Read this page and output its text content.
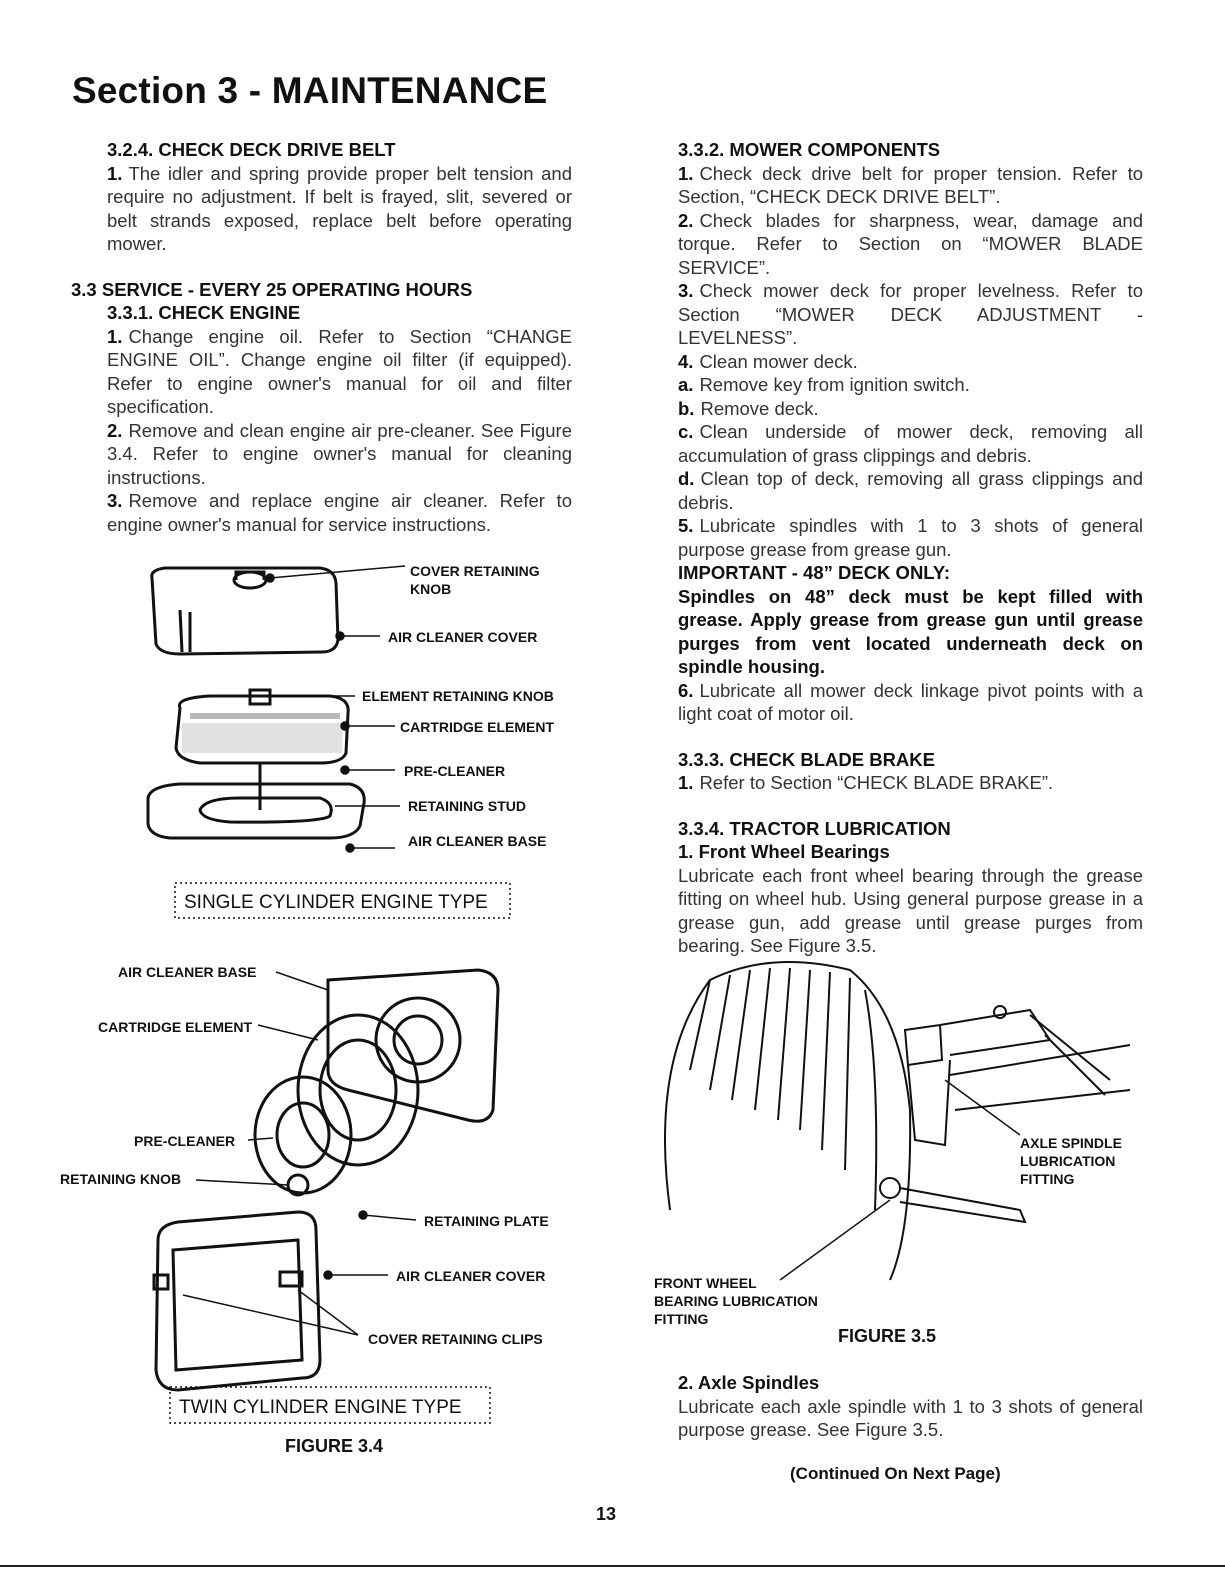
Section 3 - MAINTENANCE
3.2.4. CHECK DECK DRIVE BELT
1. The idler and spring provide proper belt tension and require no adjustment. If belt is frayed, slit, severed or belt strands exposed, replace belt before operating mower.
3.3 SERVICE - EVERY 25 OPERATING HOURS
3.3.1. CHECK ENGINE
1. Change engine oil. Refer to Section “CHANGE ENGINE OIL”. Change engine oil filter (if equipped). Refer to engine owner's manual for oil and filter specification.
2. Remove and clean engine air pre-cleaner. See Figure 3.4. Refer to engine owner's manual for cleaning instructions.
3. Remove and replace engine air cleaner. Refer to engine owner's manual for service instructions.
COVER RETAINING
KNOB
AIR CLEANER COVER
ELEMENT RETAINING KNOB
CARTRIDGE ELEMENT
PRE-CLEANER
RETAINING STUD
AIR CLEANER BASE
SINGLE CYLINDER ENGINE TYPE
AIR CLEANER BASE
CARTRIDGE ELEMENT
PRE-CLEANER
RETAINING KNOB
RETAINING PLATE
AIR CLEANER COVER
COVER RETAINING CLIPS
TWIN CYLINDER ENGINE TYPE
FIGURE 3.4
3.3.2. MOWER COMPONENTS
1. Check deck drive belt for proper tension. Refer to Section, “CHECK DECK DRIVE BELT”.
2. Check blades for sharpness, wear, damage and torque. Refer to Section on “MOWER BLADE SERVICE”.
3. Check mower deck for proper levelness. Refer to Section “MOWER DECK ADJUSTMENT - LEVELNESS”.
4. Clean mower deck.
a. Remove key from ignition switch.
b. Remove deck.
c. Clean underside of mower deck, removing all accumulation of grass clippings and debris.
d. Clean top of deck, removing all grass clippings and debris.
5. Lubricate spindles with 1 to 3 shots of general purpose grease from grease gun.
IMPORTANT - 48” DECK ONLY:
Spindles on 48” deck must be kept filled with grease. Apply grease from grease gun until grease purges from vent located underneath deck on spindle housing.
6. Lubricate all mower deck linkage pivot points with a light coat of motor oil.
3.3.3. CHECK BLADE BRAKE
1. Refer to Section “CHECK BLADE BRAKE”.
3.3.4. TRACTOR LUBRICATION
1. Front Wheel Bearings
Lubricate each front wheel bearing through the grease fitting on wheel hub. Using general purpose grease in a grease gun, add grease until grease purges from bearing. See Figure 3.5.
AXLE SPINDLE
LUBRICATION
FITTING
FRONT WHEEL
BEARING LUBRICATION
FITTING
FIGURE 3.5
2. Axle Spindles
Lubricate each axle spindle with 1 to 3 shots of general purpose grease. See Figure 3.5.
(Continued On Next Page)
13
